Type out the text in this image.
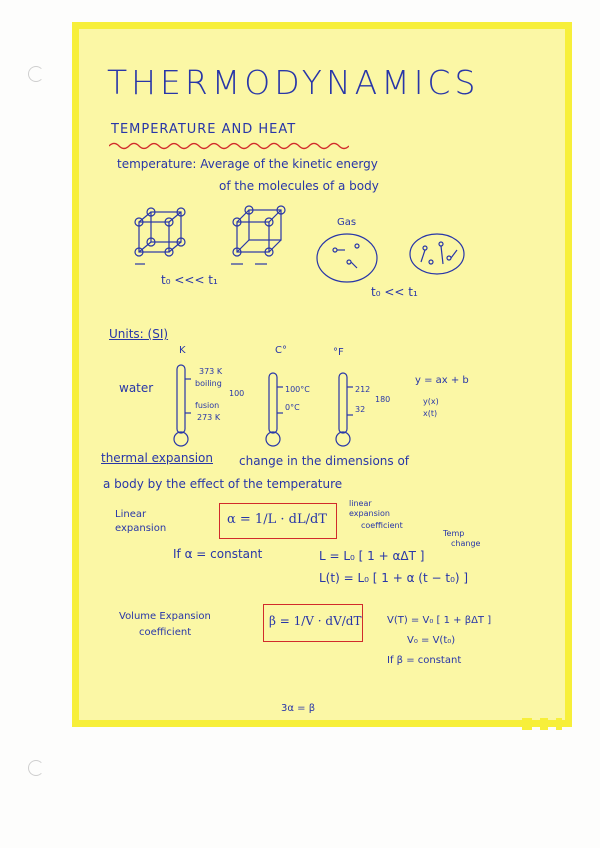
THERMODYNAMICS
TEMPERATURE AND HEAT
temperature: Average of the kinetic energy
of the molecules of a body
t₀ <<< t₁
Gas
t₀ << t₁
Units: (SI)
K	C°	°F
water
373 K
boiling
fusion
273 K
100	100°C
0°C
212
32
180
y = ax + b
y(x)
x(t)
thermal expansion change in the dimensions of
a body by the effect of the temperature
Linear
expansion
α = 1/L · dL/dT
linear
expansion
coefficient
Temp
change
If α = constant	L = L₀ [ 1 + αΔT ]
L(t) = L₀ [ 1 + α (t − t₀) ]
Volume Expansion
coefficient
β = 1/V · dV/dT	V(T) = V₀ [ 1 + βΔT ]
V₀ = V(t₀)
If β = constant
3α = β
